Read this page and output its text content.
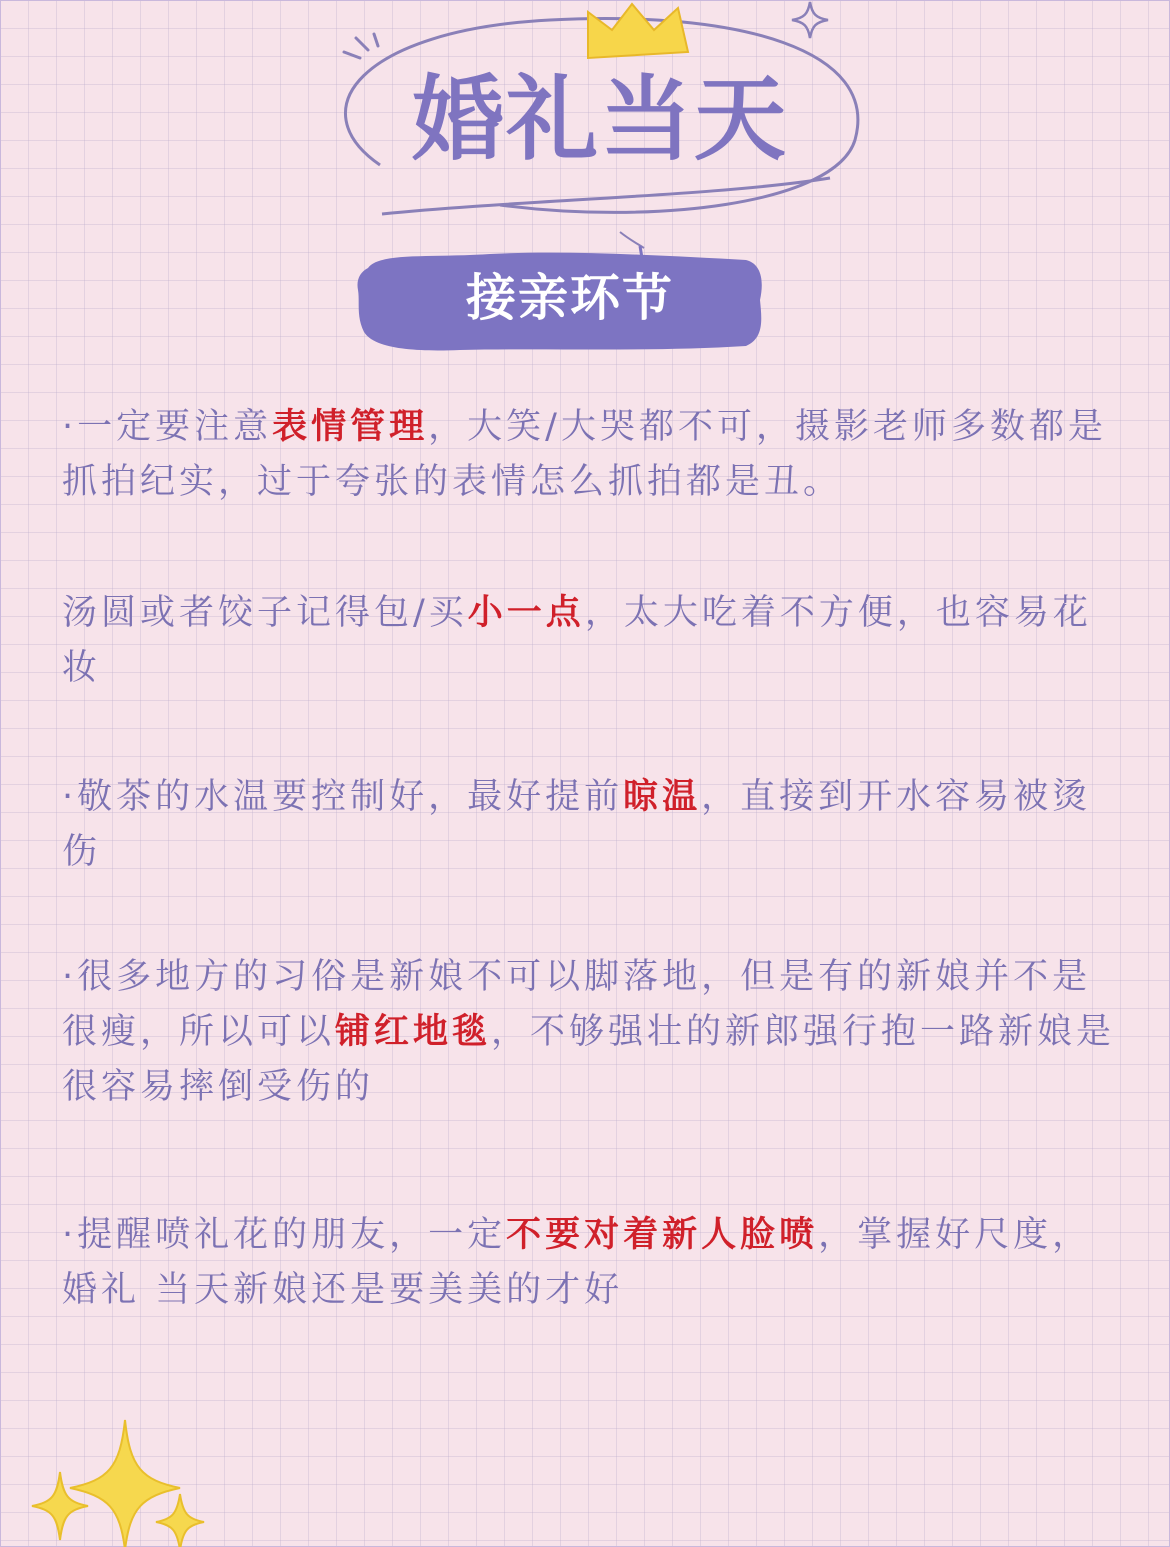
婚礼当天
接亲环节

·一定要注意表情管理，大笑/大哭都不可，摄影老师多数都是抓拍纪实，过于夸张的表情怎么抓拍都是丑。

汤圆或者饺子记得包/买小一点，太大吃着不方便，也容易花妆

·敬茶的水温要控制好，最好提前晾温，直接到开水容易被烫伤

·很多地方的习俗是新娘不可以脚落地，但是有的新娘并不是很瘦，所以可以铺红地毯，不够强壮的新郎强行抱一路新娘是很容易摔倒受伤的

·提醒喷礼花的朋友，一定不要对着新人脸喷，掌握好尺度，婚礼 当天新娘还是要美美的才好
